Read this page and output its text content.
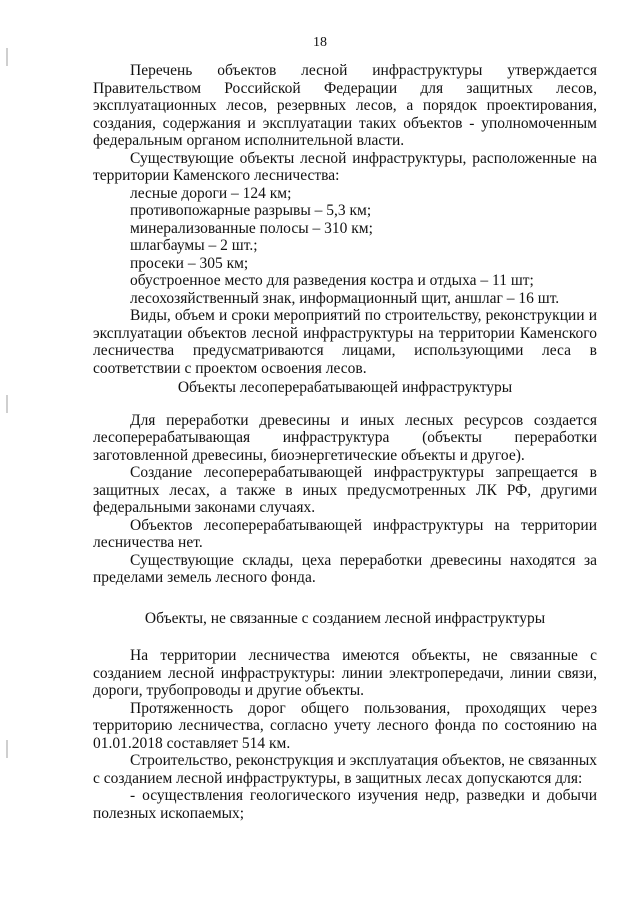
18

Перечень объектов лесной инфраструктуры утверждается Правительством Российской Федерации для защитных лесов, эксплуатационных лесов, резервных лесов, а порядок проектирования, создания, содержания и эксплуатации таких объектов - уполномоченным федеральным органом исполнительной власти.

Существующие объекты лесной инфраструктуры, расположенные на территории Каменского лесничества:

лесные дороги – 124 км;

противопожарные разрывы – 5,3 км;

минерализованные полосы – 310 км;

шлагбаумы – 2 шт.;

просеки – 305 км;

обустроенное место для разведения костра и отдыха – 11 шт;

лесохозяйственный знак, информационный щит, аншлаг – 16 шт.

Виды, объем и сроки мероприятий по строительству, реконструкции и эксплуатации объектов лесной инфраструктуры на территории Каменского лесничества предусматриваются лицами, использующими леса в соответствии с проектом освоения лесов.

Объекты лесоперерабатывающей инфраструктуры

Для переработки древесины и иных лесных ресурсов создается лесоперерабатывающая инфраструктура (объекты переработки заготовленной древесины, биоэнергетические объекты и другое).

Создание лесоперерабатывающей инфраструктуры запрещается в защитных лесах, а также в иных предусмотренных ЛК РФ, другими федеральными законами случаях.

Объектов лесоперерабатывающей инфраструктуры на территории лесничества нет.

Существующие склады, цеха переработки древесины находятся за пределами земель лесного фонда.

Объекты, не связанные с созданием лесной инфраструктуры

На территории лесничества имеются объекты, не связанные с созданием лесной инфраструктуры: линии электропередачи, линии связи, дороги, трубопроводы и другие объекты.

Протяженность дорог общего пользования, проходящих через территорию лесничества, согласно учету лесного фонда по состоянию на 01.01.2018 составляет 514 км.

Строительство, реконструкция и эксплуатация объектов, не связанных с созданием лесной инфраструктуры, в защитных лесах допускаются для:

- осуществления геологического изучения недр, разведки и добычи полезных ископаемых;
